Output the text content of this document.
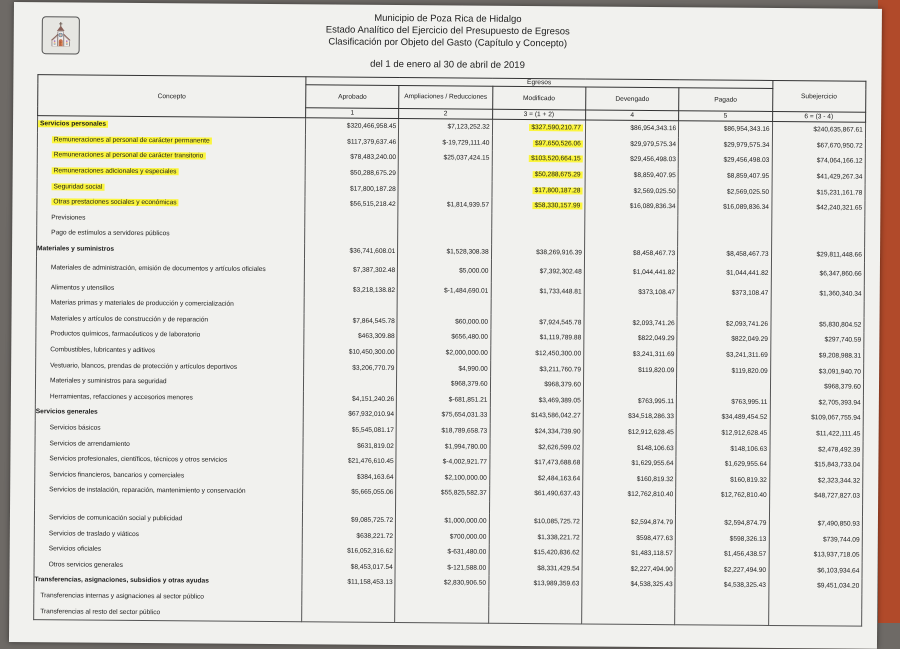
⛪
Municipio de Poza Rica de Hidalgo
Estado Analítico del Ejercicio del Presupuesto de Egresos
Clasificación por Objeto del Gasto (Capítulo y Concepto)
del 1 de enero al 30 de abril de 2019
Concepto	Egresos					Subejercicio
	Aprobado	Ampliaciones / Reducciones	Modificado	Devengado	Pagado	
	1	2	3 = (1 + 2)	4	5	6 = (3 - 4)
Servicios personales	$320,466,958.45	$7,123,252.32	$327,590,210.77	$86,954,343.16	$86,954,343.16	$240,635,867.61
Remuneraciones al personal de carácter permanente	$117,379,637.46	$-19,729,111.40	$97,650,526.06	$29,979,575.34	$29,979,575.34	$67,670,950.72
Remuneraciones al personal de carácter transitorio	$78,483,240.00	$25,037,424.15	$103,520,664.15	$29,456,498.03	$29,456,498.03	$74,064,166.12
Remuneraciones adicionales y especiales	$50,288,675.29		$50,288,675.29	$8,859,407.95	$8,859,407.95	$41,429,267.34
Seguridad social	$17,800,187.28		$17,800,187.28	$2,569,025.50	$2,569,025.50	$15,231,161.78
Otras prestaciones sociales y económicas	$56,515,218.42	$1,814,939.57	$58,330,157.99	$16,089,836.34	$16,089,836.34	$42,240,321.65
Previsiones						
Pago de estímulos a servidores públicos						
Materiales y suministros	$36,741,608.01	$1,528,308.38	$38,269,916.39	$8,458,467.73	$8,458,467.73	$29,811,448.66
Materiales de administración, emisión de documentos y artículos oficiales	$7,387,302.48	$5,000.00	$7,392,302.48	$1,044,441.82	$1,044,441.82	$6,347,860.66
Alimentos y utensilios	$3,218,138.82	$-1,484,690.01	$1,733,448.81	$373,108.47	$373,108.47	$1,360,340.34
Materias primas y materiales de producción y comercialización						
Materiales y artículos de construcción y de reparación	$7,864,545.78	$60,000.00	$7,924,545.78	$2,093,741.26	$2,093,741.26	$5,830,804.52
Productos químicos, farmacéuticos y de laboratorio	$463,309.88	$656,480.00	$1,119,789.88	$822,049.29	$822,049.29	$297,740.59
Combustibles, lubricantes y aditivos	$10,450,300.00	$2,000,000.00	$12,450,300.00	$3,241,311.69	$3,241,311.69	$9,208,988.31
Vestuario, blancos, prendas de protección y artículos deportivos	$3,206,770.79	$4,990.00	$3,211,760.79	$119,820.09	$119,820.09	$3,091,940.70
Materiales y suministros para seguridad		$968,379.60	$968,379.60			$968,379.60
Herramientas, refacciones y accesorios menores	$4,151,240.26	$-681,851.21	$3,469,389.05	$763,995.11	$763,995.11	$2,705,393.94
Servicios generales	$67,932,010.94	$75,654,031.33	$143,586,042.27	$34,518,286.33	$34,489,454.52	$109,067,755.94
Servicios básicos	$5,545,081.17	$18,789,658.73	$24,334,739.90	$12,912,628.45	$12,912,628.45	$11,422,111.45
Servicios de arrendamiento	$631,819.02	$1,994,780.00	$2,626,599.02	$148,106.63	$148,106.63	$2,478,492.39
Servicios profesionales, científicos, técnicos y otros servicios	$21,476,610.45	$-4,002,921.77	$17,473,688.68	$1,629,955.64	$1,629,955.64	$15,843,733.04
Servicios financieros, bancarios y comerciales	$384,163.64	$2,100,000.00	$2,484,163.64	$160,819.32	$160,819.32	$2,323,344.32
Servicios de instalación, reparación, mantenimiento y conservación	$5,665,055.06	$55,825,582.37	$61,490,637.43	$12,762,810.40	$12,762,810.40	$48,727,827.03

Servicios de comunicación social y publicidad	$9,085,725.72	$1,000,000.00	$10,085,725.72	$2,594,874.79	$2,594,874.79	$7,490,850.93
Servicios de traslado y viáticos	$638,221.72	$700,000.00	$1,338,221.72	$598,477.63	$598,326.13	$739,744.09
Servicios oficiales	$16,052,316.62	$-631,480.00	$15,420,836.62	$1,483,118.57	$1,456,438.57	$13,937,718.05
Otros servicios generales	$8,453,017.54	$-121,588.00	$8,331,429.54	$2,227,494.90	$2,227,494.90	$6,103,934.64
Transferencias, asignaciones, subsidios y otras ayudas	$11,158,453.13	$2,830,906.50	$13,989,359.63	$4,538,325.43	$4,538,325.43	$9,451,034.20
Transferencias internas y asignaciones al sector público						
Transferencias al resto del sector público						
